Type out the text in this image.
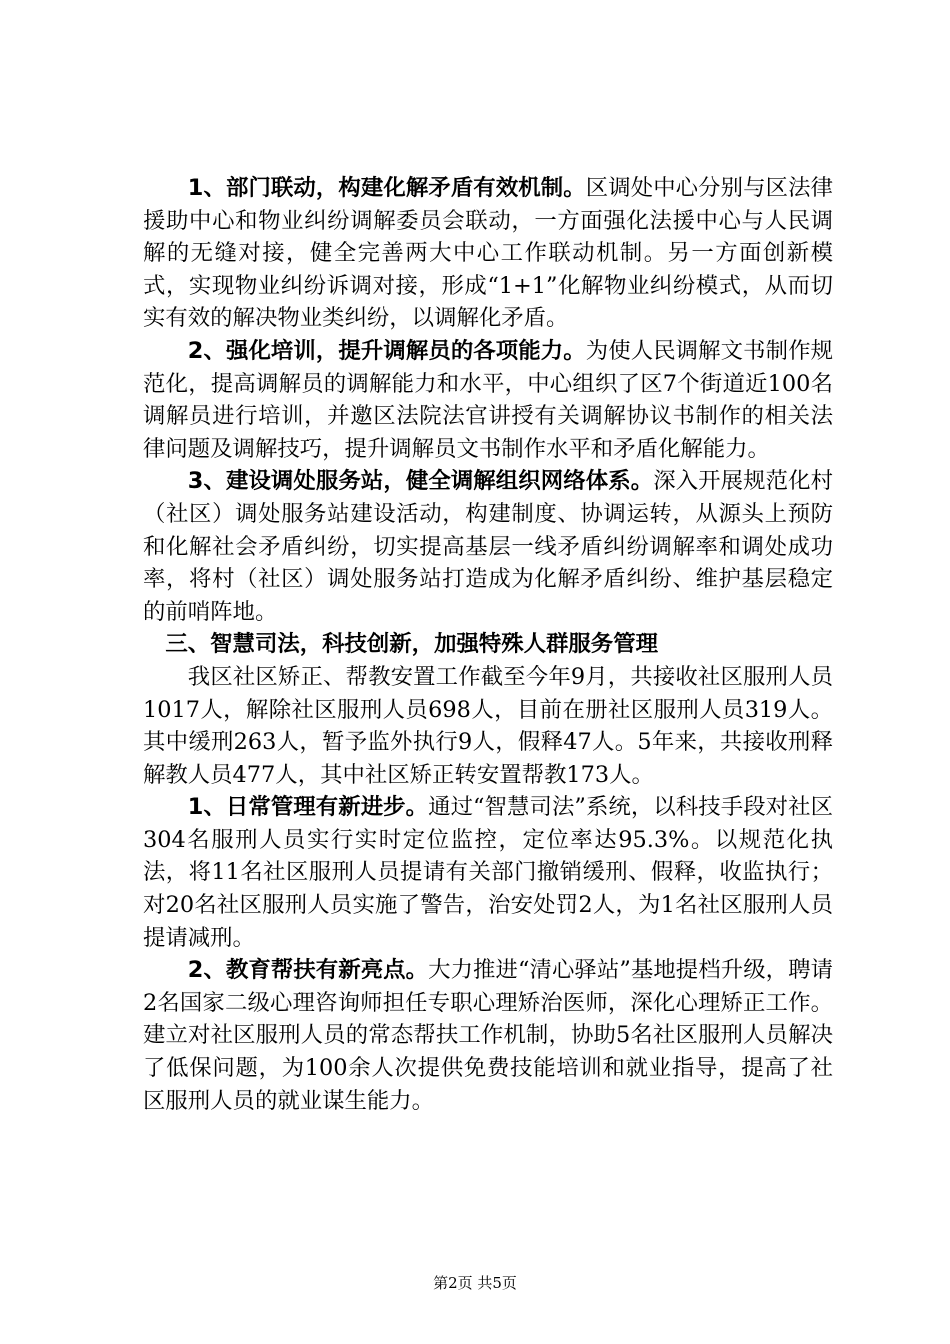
1、部门联动，构建化解矛盾有效机制。区调处中心分别与区法律援助中心和物业纠纷调解委员会联动，一方面强化法援中心与人民调解的无缝对接，健全完善两大中心工作联动机制。另一方面创新模式，实现物业纠纷诉调对接，形成“1+1”化解物业纠纷模式，从而切实有效的解决物业类纠纷，以调解化矛盾。

2、强化培训，提升调解员的各项能力。为使人民调解文书制作规范化，提高调解员的调解能力和水平，中心组织了区7个街道近100名调解员进行培训，并邀区法院法官讲授有关调解协议书制作的相关法律问题及调解技巧，提升调解员文书制作水平和矛盾化解能力。

3、建设调处服务站，健全调解组织网络体系。深入开展规范化村（社区）调处服务站建设活动，构建制度、协调运转，从源头上预防和化解社会矛盾纠纷，切实提高基层一线矛盾纠纷调解率和调处成功率，将村（社区）调处服务站打造成为化解矛盾纠纷、维护基层稳定的前哨阵地。

三、智慧司法，科技创新，加强特殊人群服务管理

我区社区矫正、帮教安置工作截至今年9月，共接收社区服刑人员1017人，解除社区服刑人员698人，目前在册社区服刑人员319人。其中缓刑263人，暂予监外执行9人，假释47人。5年来，共接收刑释解教人员477人，其中社区矫正转安置帮教173人。

1、日常管理有新进步。通过“智慧司法”系统，以科技手段对社区304名服刑人员实行实时定位监控，定位率达95.3%。以规范化执法，将11名社区服刑人员提请有关部门撤销缓刑、假释，收监执行；对20名社区服刑人员实施了警告，治安处罚2人，为1名社区服刑人员提请减刑。

2、教育帮扶有新亮点。大力推进“清心驿站”基地提档升级，聘请2名国家二级心理咨询师担任专职心理矫治医师，深化心理矫正工作。建立对社区服刑人员的常态帮扶工作机制，协助5名社区服刑人员解决了低保问题，为100余人次提供免费技能培训和就业指导，提高了社区服刑人员的就业谋生能力。

第2页 共5页
